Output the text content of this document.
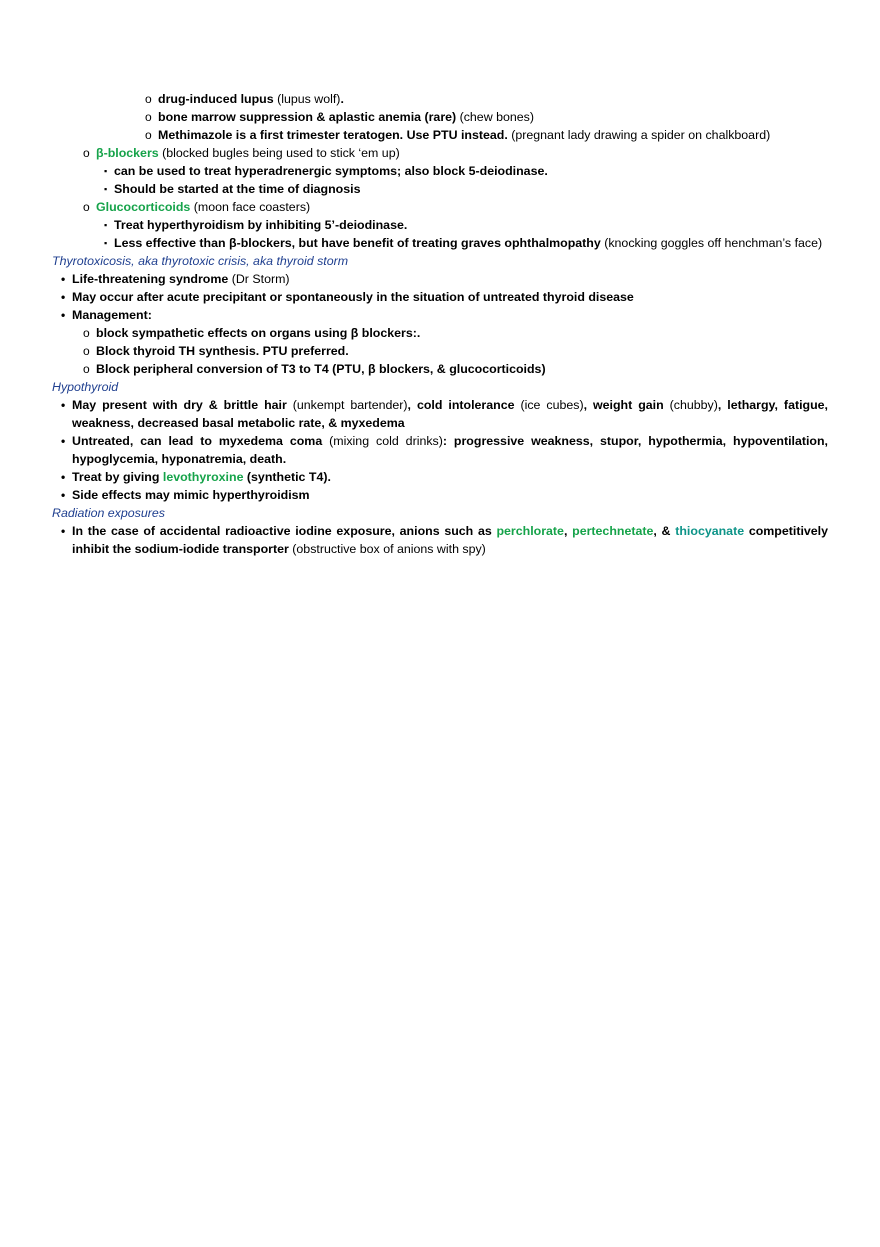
o drug-induced lupus (lupus wolf).
o bone marrow suppression & aplastic anemia (rare) (chew bones)
o Methimazole is a first trimester teratogen. Use PTU instead. (pregnant lady drawing a spider on chalkboard)
o β-blockers (blocked bugles being used to stick ‘em up)
▪ can be used to treat hyperadrenergic symptoms; also block 5-deiodinase.
▪ Should be started at the time of diagnosis
o Glucocorticoids (moon face coasters)
▪ Treat hyperthyroidism by inhibiting 5’-deiodinase.
▪ Less effective than β-blockers, but have benefit of treating graves ophthalmopathy (knocking goggles off henchman’s face)
Thyrotoxicosis, aka thyrotoxic crisis, aka thyroid storm
• Life-threatening syndrome (Dr Storm)
• May occur after acute precipitant or spontaneously in the situation of untreated thyroid disease
• Management:
o block sympathetic effects on organs using β blockers:.
o Block thyroid TH synthesis. PTU preferred.
o Block peripheral conversion of T3 to T4 (PTU, β blockers, & glucocorticoids)
Hypothyroid
• May present with dry & brittle hair (unkempt bartender), cold intolerance (ice cubes), weight gain (chubby), lethargy, fatigue, weakness, decreased basal metabolic rate, & myxedema
• Untreated, can lead to myxedema coma (mixing cold drinks): progressive weakness, stupor, hypothermia, hypoventilation, hypoglycemia, hyponatremia, death.
• Treat by giving levothyroxine (synthetic T4).
• Side effects may mimic hyperthyroidism
Radiation exposures
• In the case of accidental radioactive iodine exposure, anions such as perchlorate, pertechnetate, & thiocyanate competitively inhibit the sodium-iodide transporter (obstructive box of anions with spy)
